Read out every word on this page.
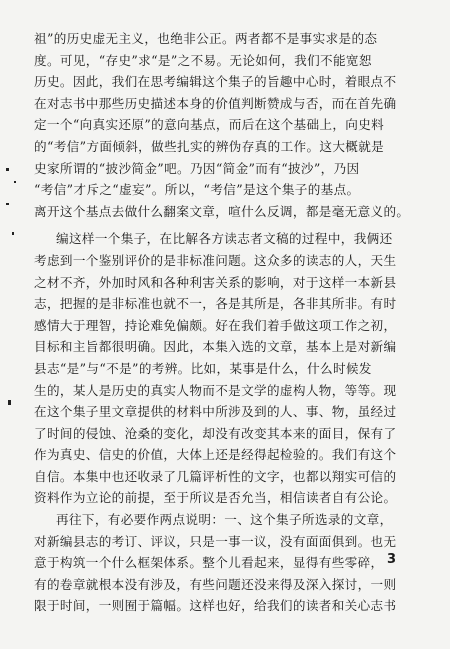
祖”的历史虚无主义，也绝非公正。两者都不是事实求是的态
度。可见，“存史”求“是”之不易。无论如何，我们不能宽恕
历史。因此，我们在思考编辑这个集子的旨趣中心时，着眼点不
在对志书中那些历史描述本身的价值判断赞成与否，而在首先确
定一个“向真实还原”的意向基点，而后在这个基础上，向史料
的“考信”方面倾斜，做些扎实的辨伪存真的工作。这大概就是
史家所谓的“披沙简金”吧。乃因“简金”而有“披沙”，乃因
“考信”才斥之“虚妄”。所以，“考信”是这个集子的基点。
离开这个基点去做什么翻案文章，喧什么反调，都是毫无意义的。
编这样一个集子，在比解各方读志者文稿的过程中，我俩还
考虑到一个鉴别评价的是非标准问题。这众多的读志的人，天生
之材不齐，外加时风和各种利害关系的影响，对于这样一本新县
志，把握的是非标准也就不一，各是其所是，各非其所非。有时
感情大于理智，持论难免偏颇。好在我们着手做这项工作之初，
目标和主旨都很明确。因此，本集入选的文章，基本上是对新编
县志“是”与“不是”的考辨。比如，某事是什么，什么时候发
生的，某人是历史的真实人物而不是文学的虚构人物，等等。现
在这个集子里文章提供的材料中所涉及到的人、事、物，虽经过
了时间的侵蚀、沧桑的变化，却没有改变其本来的面目，保有了
作为真史、信史的价值，大体上还是经得起检验的。我们有这个
自信。本集中也还收录了几篇评析性的文字，也都以翔实可信的
资料作为立论的前提，至于所议是否允当，相信读者自有公论。
再往下，有必要作两点说明：一、这个集子所选录的文章，
对新编县志的考订、评议，只是一事一议，没有面面俱到。也无
意于构筑一个什么框架体系。整个儿看起来，显得有些零碎，
有的卷章就根本没有涉及，有些问题还没来得及深入探讨，一则
限于时间，一则囿于篇幅。这样也好，给我们的读者和关心志书
3
